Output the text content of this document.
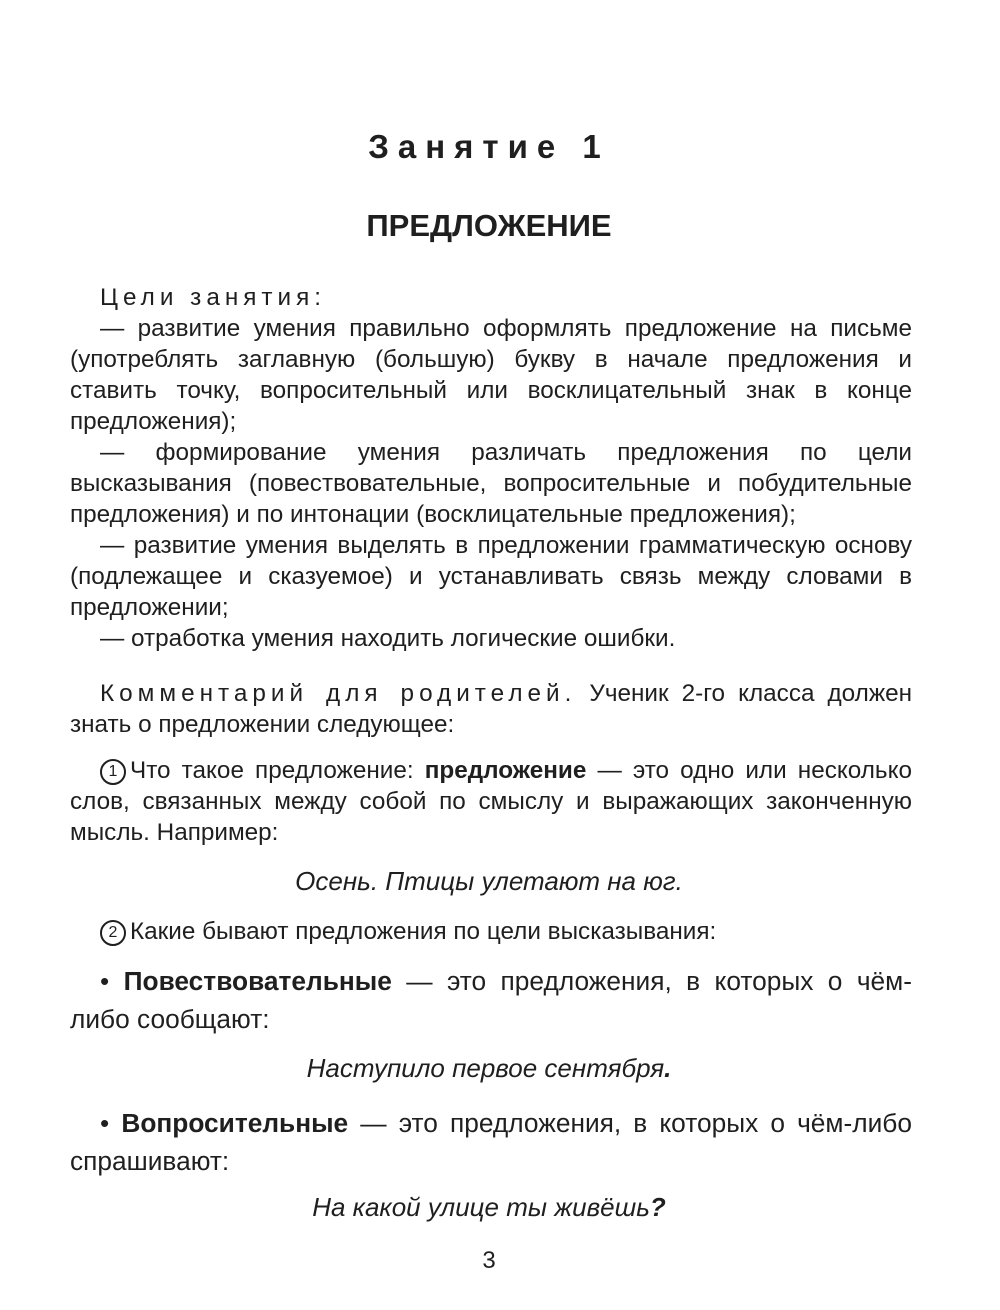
Занятие 1
ПРЕДЛОЖЕНИЕ

Цели занятия:

— развитие умения правильно оформлять предложение на письме (употреблять заглавную (большую) букву в начале предложения и ставить точку, вопросительный или восклицательный знак в конце предложения);

— формирование умения различать предложения по цели высказывания (повествовательные, вопросительные и побудительные предложения) и по интонации (восклицательные предложения);

— развитие умения выделять в предложении грамматическую основу (подлежащее и сказуемое) и устанавливать связь между словами в предложении;

— отработка умения находить логические ошибки.

Комментарий для родителей. Ученик 2-го класса должен знать о предложении следующее:

1 Что такое предложение: предложение — это одно или несколько слов, связанных между собой по смыслу и выражающих законченную мысль. Например:

Осень. Птицы улетают на юг.

2 Какие бывают предложения по цели высказывания:

• Повествовательные — это предложения, в которых о чём-либо сообщают:

Наступило первое сентября.

• Вопросительные — это предложения, в которых о чём-либо спрашивают:

На какой улице ты живёшь?
3
